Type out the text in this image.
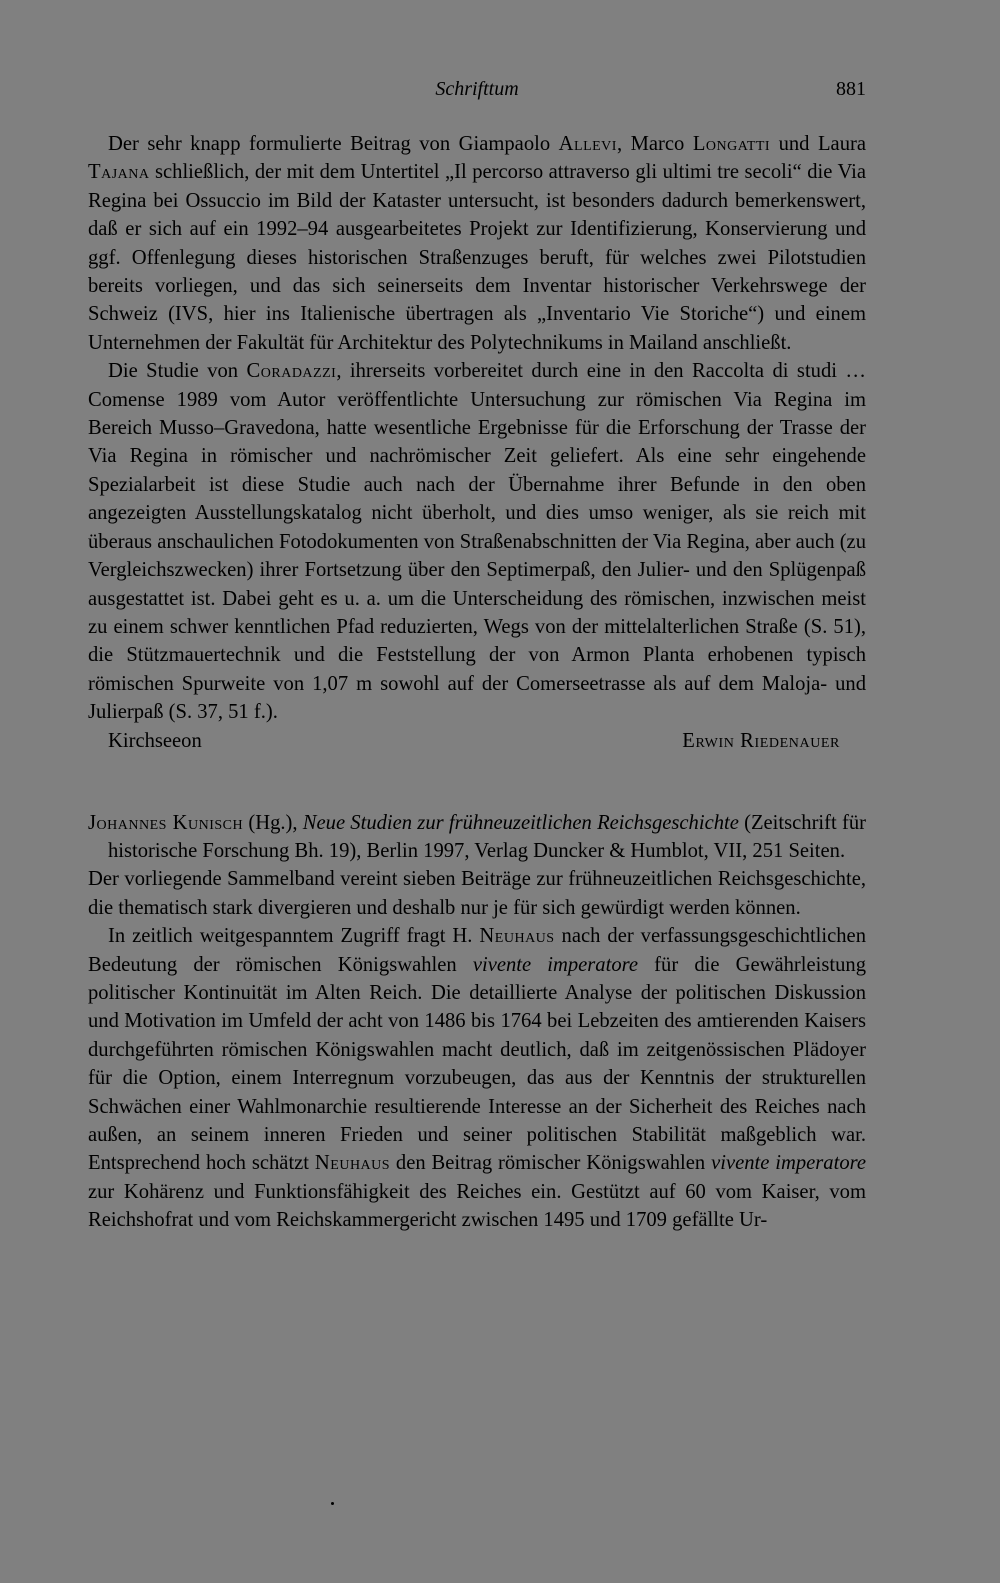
Schrifttum	881

Der sehr knapp formulierte Beitrag von Giampaolo Allevi, Marco Longatti und Laura Tajana schließlich, der mit dem Untertitel „Il percorso attraverso gli ultimi tre secoli“ die Via Regina bei Ossuccio im Bild der Kataster untersucht, ist besonders dadurch bemerkenswert, daß er sich auf ein 1992–94 ausgearbeitetes Projekt zur Identifizierung, Konservierung und ggf. Offenlegung dieses historischen Straßenzuges beruft, für welches zwei Pilotstudien bereits vorliegen, und das sich seinerseits dem Inventar historischer Verkehrswege der Schweiz (IVS, hier ins Italienische übertragen als „Inventario Vie Storiche“) und einem Unternehmen der Fakultät für Architektur des Polytechnikums in Mailand anschließt.

Die Studie von Coradazzi, ihrerseits vorbereitet durch eine in den Raccolta di studi … Comense 1989 vom Autor veröffentlichte Untersuchung zur römischen Via Regina im Bereich Musso–Gravedona, hatte wesentliche Ergebnisse für die Erforschung der Trasse der Via Regina in römischer und nachrömischer Zeit geliefert. Als eine sehr eingehende Spezialarbeit ist diese Studie auch nach der Übernahme ihrer Befunde in den oben angezeigten Ausstellungskatalog nicht überholt, und dies umso weniger, als sie reich mit überaus anschaulichen Fotodokumenten von Straßenabschnitten der Via Regina, aber auch (zu Vergleichszwecken) ihrer Fortsetzung über den Septimerpaß, den Julier- und den Splügenpaß ausgestattet ist. Dabei geht es u. a. um die Unterscheidung des römischen, inzwischen meist zu einem schwer kenntlichen Pfad reduzierten, Wegs von der mittelalterlichen Straße (S. 51), die Stützmauertechnik und die Feststellung der von Armon Planta erhobenen typisch römischen Spurweite von 1,07 m sowohl auf der Comerseetrasse als auf dem Maloja- und Julierpaß (S. 37, 51 f.).

Kirchseeon	Erwin Riedenauer
Johannes Kunisch (Hg.), Neue Studien zur frühneuzeitlichen Reichsgeschichte (Zeitschrift für historische Forschung Bh. 19), Berlin 1997, Verlag Duncker & Humblot, VII, 251 Seiten.

Der vorliegende Sammelband vereint sieben Beiträge zur frühneuzeitlichen Reichsgeschichte, die thematisch stark divergieren und deshalb nur je für sich gewürdigt werden können.

In zeitlich weitgespanntem Zugriff fragt H. Neuhaus nach der verfassungsgeschichtlichen Bedeutung der römischen Königswahlen vivente imperatore für die Gewährleistung politischer Kontinuität im Alten Reich. Die detaillierte Analyse der politischen Diskussion und Motivation im Umfeld der acht von 1486 bis 1764 bei Lebzeiten des amtierenden Kaisers durchgeführten römischen Königswahlen macht deutlich, daß im zeitgenössischen Plädoyer für die Option, einem Interregnum vorzubeugen, das aus der Kenntnis der strukturellen Schwächen einer Wahlmonarchie resultierende Interesse an der Sicherheit des Reiches nach außen, an seinem inneren Frieden und seiner politischen Stabilität maßgeblich war. Entsprechend hoch schätzt Neuhaus den Beitrag römischer Königswahlen vivente imperatore zur Kohärenz und Funktionsfähigkeit des Reiches ein. Gestützt auf 60 vom Kaiser, vom Reichshofrat und vom Reichskammergericht zwischen 1495 und 1709 gefällte Ur-
